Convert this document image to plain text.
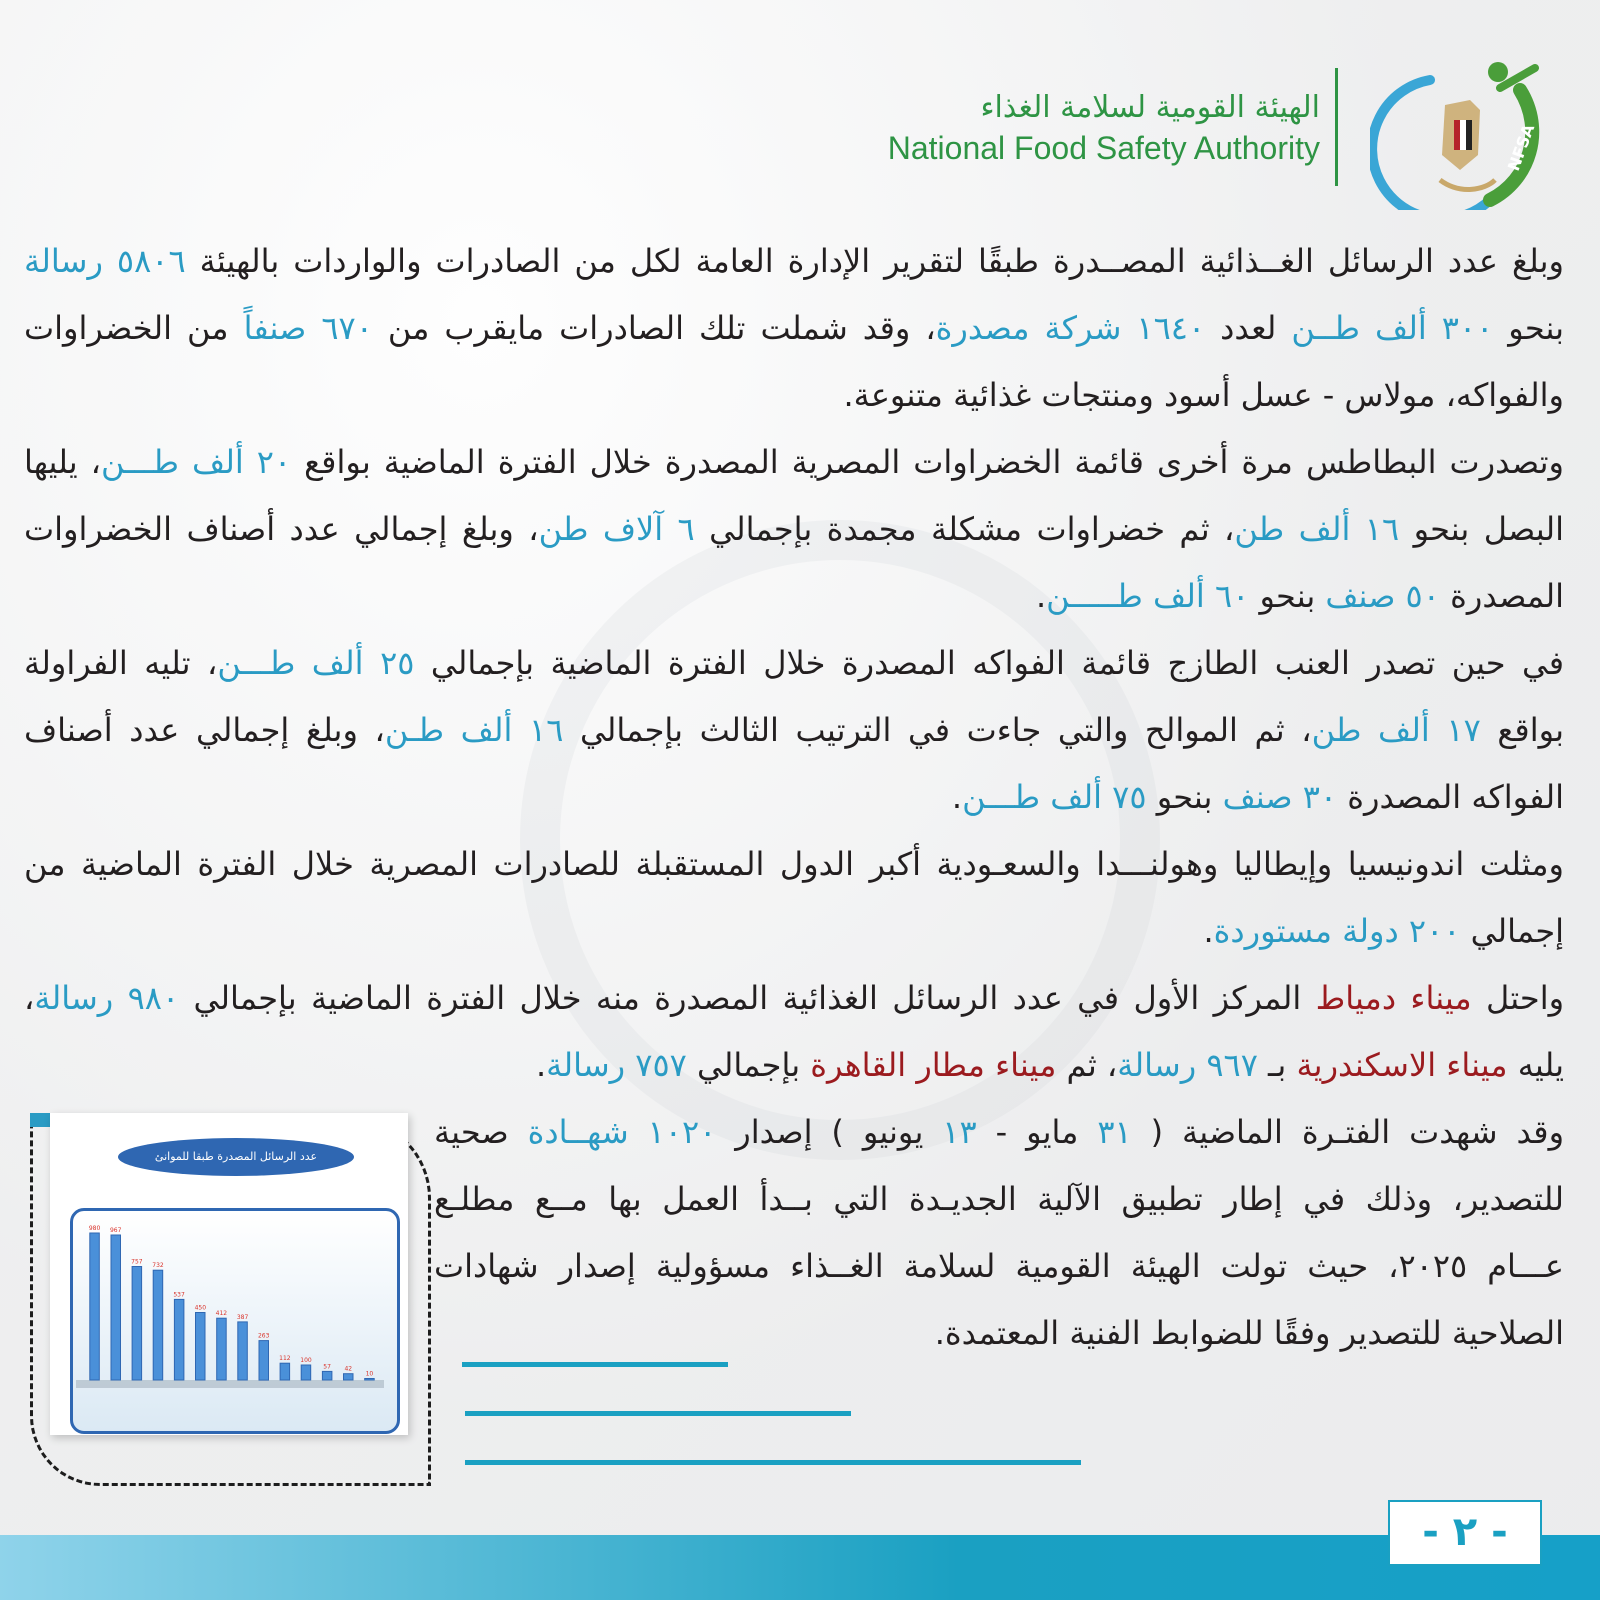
الهيئة القومية لسلامة الغذاء
National Food Safety Authority	NFSA
وبلغ عدد الرسائل الغــذائية المصــدرة طبقًا لتقرير الإدارة العامة لكل من الصادرات والواردات بالهيئة ٥٨٠٦ رسالة
بنحو ٣٠٠ ألف طــن لعدد ١٦٤٠ شركة مصدرة، وقد شملت تلك الصادرات مايقرب من ٦٧٠ صنفاً من الخضراوات
والفواكه، مولاس - عسل أسود ومنتجات غذائية متنوعة.
وتصدرت البطاطس مرة أخرى قائمة الخضراوات المصرية المصدرة خلال الفترة الماضية بواقع ٢٠ ألف طـــن، يليها
البصل بنحو ١٦ ألف طن، ثم خضراوات مشكلة مجمدة بإجمالي ٦ آلاف طن، وبلغ إجمالي عدد أصناف الخضراوات
المصدرة ٥٠ صنف بنحو ٦٠ ألف طـــــن.
في حين تصدر العنب الطازج قائمة الفواكه المصدرة خلال الفترة الماضية بإجمالي ٢٥ ألف طـــن، تليه الفراولة
بواقع ١٧ ألف طن، ثم الموالح والتي جاءت في الترتيب الثالث بإجمالي ١٦ ألف طـن، وبلغ إجمالي عدد أصناف
الفواكه المصدرة ٣٠ صنف بنحو ٧٥ ألف طـــن.
ومثلت اندونيسيا وإيطاليا وهولنـــدا والسعـودية أكبر الدول المستقبلة للصادرات المصرية خلال الفترة الماضية من
إجمالي ٢٠٠ دولة مستوردة.
واحتل ميناء دمياط المركز الأول في عدد الرسائل الغذائية المصدرة منه خلال الفترة الماضية بإجمالي ٩٨٠ رسالة،
يليه ميناء الاسكندرية بـ ٩٦٧ رسالة، ثم ميناء مطار القاهرة بإجمالي ٧٥٧ رسالة.
وقد شهدت الفتـرة الماضية ( ٣١ مايو - ١٣ يونيو ) إصدار ١٠٢٠ شهــادة صحية
للتصدير، وذلك في إطار تطبيق الآلية الجديـدة التي بــدأ العمل بها مــع مطلـع
عـــام ٢٠٢٥، حيث تولت الهيئة القومية لسلامة الغــذاء مسؤولية إصدار شهادات
الصلاحية للتصدير وفقًا للضوابط الفنية المعتمدة.
عدد الرسائل المصدرة طبقا للموانئ
980 967
757
732
537
450
412
387
263
112 100
57 42
10
- ٢ -
